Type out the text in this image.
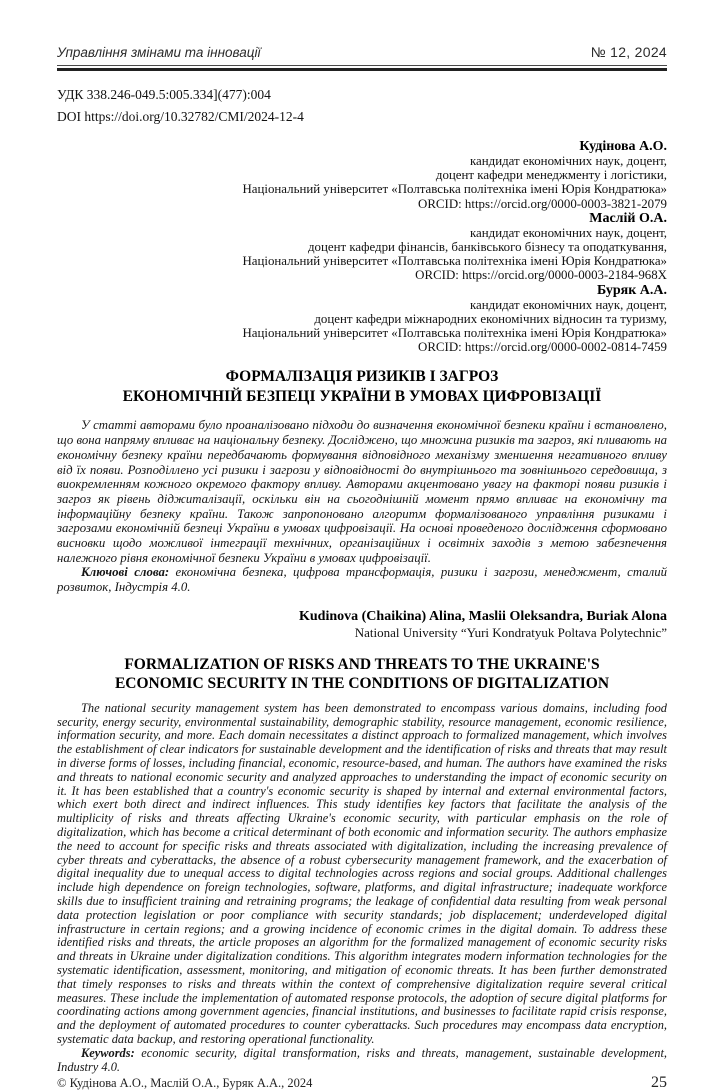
Управління змінами та інновації	№ 12, 2024
УДК 338.246-049.5:005.334](477):004
DOI https://doi.org/10.32782/CMI/2024-12-4
Кудінова А.О.
кандидат економічних наук, доцент,
доцент кафедри менеджменту і логістики,
Національний університет «Полтавська політехніка імені Юрія Кондратюка»
ORCID: https://orcid.org/0000-0003-3821-2079
Маслій О.А.
кандидат економічних наук, доцент,
доцент кафедри фінансів, банківського бізнесу та оподаткування,
Національний університет «Полтавська політехніка імені Юрія Кондратюка»
ORCID: https://orcid.org/0000-0003-2184-968X
Буряк А.А.
кандидат економічних наук, доцент,
доцент кафедри міжнародних економічних відносин та туризму,
Національний університет «Полтавська політехніка імені Юрія Кондратюка»
ORCID: https://orcid.org/0000-0002-0814-7459
ФОРМАЛІЗАЦІЯ РИЗИКІВ І ЗАГРОЗ
ЕКОНОМІЧНІЙ БЕЗПЕЦІ УКРАЇНИ В УМОВАХ ЦИФРОВІЗАЦІЇ

У статті авторами було проаналізовано підходи до визначення економічної безпеки країни і встановлено, що вона напряму впливає на національну безпеку. Досліджено, що множина ризиків та загроз, які пливають на економічну безпеку країни передбачають формування відповідного механізму зменшення негативного впливу від їх появи. Розподіллено усі ризики і загрози у відповідності до внутрішнього та зовнішнього середовища, з виокремленням кожного окремого фактору впливу. Авторами акцентовано увагу на факторі появи ризиків і загроз як рівень діджиталізації, оскільки він на сьогоднішній момент прямо впливає на економічну та інформаційну безпеку країни. Також запропоновано алгоритм формалізованого управління ризиками і загрозами економічній безпеці України в умовах цифровізації. На основі проведеного дослідження сформовано висновки щодо можливої інтеграції технічних, організаційних і освітніх заходів з метою забезпечення належного рівня економічної безпеки України в умовах цифровізації.

Ключові слова: економічна безпека, цифрова трансформація, ризики і загрози, менеджмент, сталий розвиток, Індустрія 4.0.

Kudinova (Chaikina) Alina, Maslii Oleksandra, Buriak Alona
National University “Yuri Kondratyuk Poltava Polytechnic”
FORMALIZATION OF RISKS AND THREATS TO THE UKRAINE'S
ECONOMIC SECURITY IN THE CONDITIONS OF DIGITALIZATION

The national security management system has been demonstrated to encompass various domains, including food security, energy security, environmental sustainability, demographic stability, resource management, economic resilience, information security, and more. Each domain necessitates a distinct approach to formalized management, which involves the establishment of clear indicators for sustainable development and the identification of risks and threats that may result in diverse forms of losses, including financial, economic, resource-based, and human. The authors have examined the risks and threats to national economic security and analyzed approaches to understanding the impact of economic security on it. It has been established that a country's economic security is shaped by internal and external environmental factors, which exert both direct and indirect influences. This study identifies key factors that facilitate the analysis of the multiplicity of risks and threats affecting Ukraine's economic security, with particular emphasis on the role of digitalization, which has become a critical determinant of both economic and information security. The authors emphasize the need to account for specific risks and threats associated with digitalization, including the increasing prevalence of cyber threats and cyberattacks, the absence of a robust cybersecurity management framework, and the exacerbation of digital inequality due to unequal access to digital technologies across regions and social groups. Additional challenges include high dependence on foreign technologies, software, platforms, and digital infrastructure; inadequate workforce skills due to insufficient training and retraining programs; the leakage of confidential data resulting from weak personal data protection legislation or poor compliance with security standards; job displacement; underdeveloped digital infrastructure in certain regions; and a growing incidence of economic crimes in the digital domain. To address these identified risks and threats, the article proposes an algorithm for the formalized management of economic security risks and threats in Ukraine under digitalization conditions. This algorithm integrates modern information technologies for the systematic identification, assessment, monitoring, and mitigation of economic threats. It has been further demonstrated that timely responses to risks and threats within the context of comprehensive digitalization require several critical measures. These include the implementation of automated response protocols, the adoption of secure digital platforms for coordinating actions among government agencies, financial institutions, and businesses to facilitate rapid crisis response, and the deployment of automated procedures to counter cyberattacks. Such procedures may encompass data encryption, systematic data backup, and restoring operational functionality.

Keywords: economic security, digital transformation, risks and threats, management, sustainable development, Industry 4.0.

© Кудінова А.О., Маслій О.А., Буряк А.А., 2024	25
